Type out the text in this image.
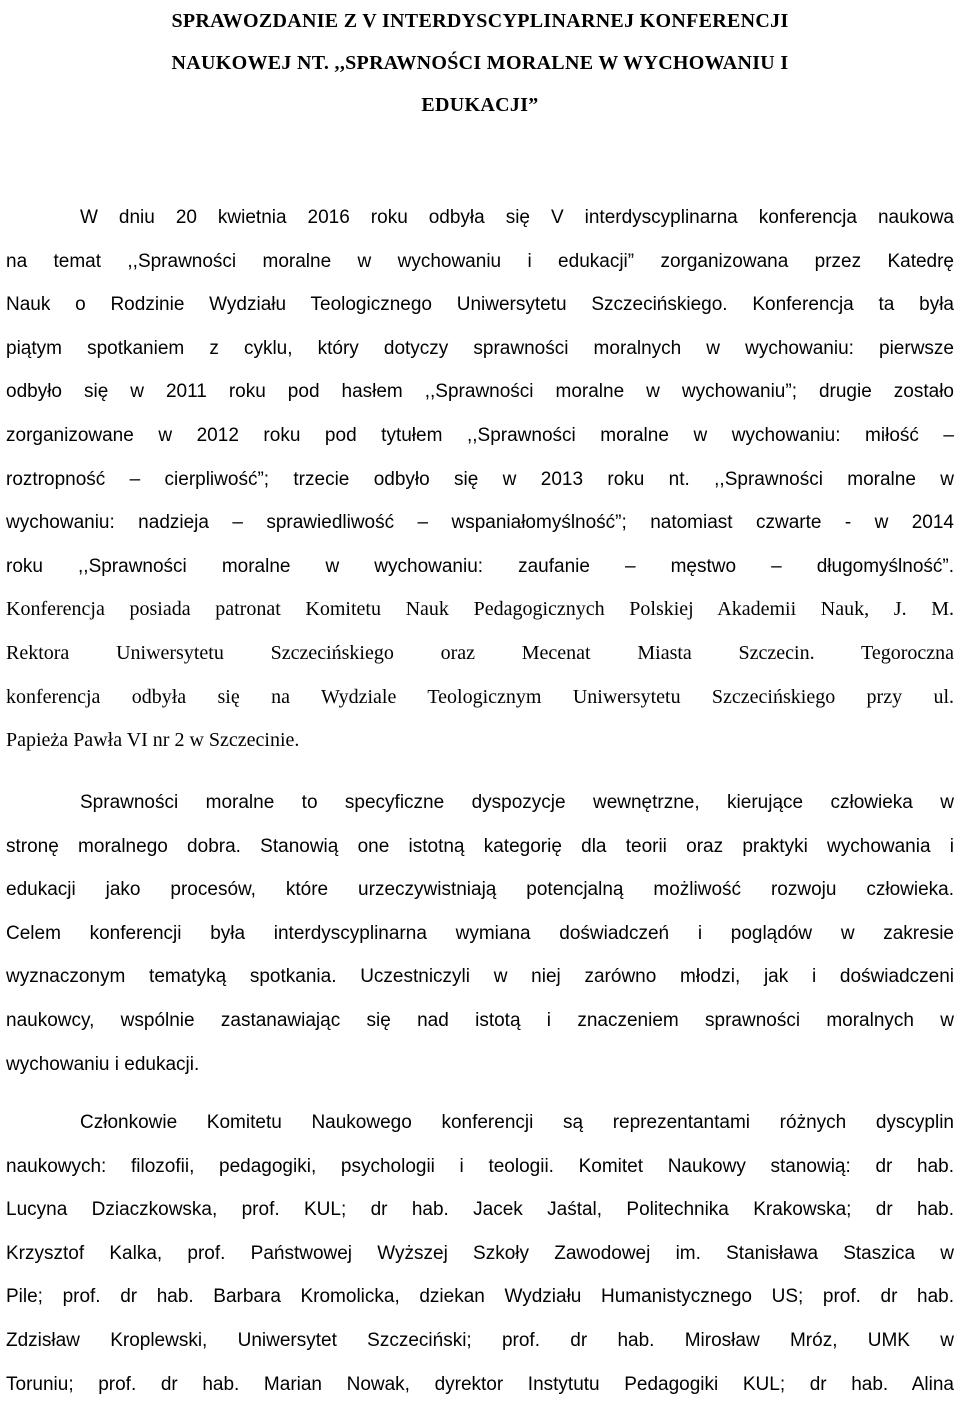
SPRAWOZDANIE Z V INTERDYSCYPLINARNEJ KONFERENCJI
NAUKOWEJ NT. ,,SPRAWNOŚCI MORALNE W WYCHOWANIU I
EDUKACJI”
W dniu 20 kwietnia 2016 roku odbyła się V interdyscyplinarna konferencja naukowa
na temat ,,Sprawności moralne w wychowaniu i edukacji” zorganizowana przez Katedrę
Nauk o Rodzinie Wydziału Teologicznego Uniwersytetu Szczecińskiego. Konferencja ta była
piątym spotkaniem z cyklu, który dotyczy sprawności moralnych w wychowaniu: pierwsze
odbyło się w 2011 roku pod hasłem ,,Sprawności moralne w wychowaniu”; drugie zostało
zorganizowane w 2012 roku pod tytułem ,,Sprawności moralne w wychowaniu: miłość –
roztropność – cierpliwość”; trzecie odbyło się w 2013 roku nt. ,,Sprawności moralne w
wychowaniu: nadzieja – sprawiedliwość – wspaniałomyślność”; natomiast czwarte - w 2014
roku ,,Sprawności moralne w wychowaniu: zaufanie – męstwo – długomyślność”.
Konferencja posiada patronat Komitetu Nauk Pedagogicznych Polskiej Akademii Nauk, J. M.
Rektora Uniwersytetu Szczecińskiego oraz Mecenat Miasta Szczecin. Tegoroczna
konferencja odbyła się na Wydziale Teologicznym Uniwersytetu Szczecińskiego przy ul.
Papieża Pawła VI nr 2 w Szczecinie.
Sprawności moralne to specyficzne dyspozycje wewnętrzne, kierujące człowieka w
stronę moralnego dobra. Stanowią one istotną kategorię dla teorii oraz praktyki wychowania i
edukacji jako procesów, które urzeczywistniają potencjalną możliwość rozwoju człowieka.
Celem konferencji była interdyscyplinarna wymiana doświadczeń i poglądów w zakresie
wyznaczonym tematyką spotkania. Uczestniczyli w niej zarówno młodzi, jak i doświadczeni
naukowcy, wspólnie zastanawiając się nad istotą i znaczeniem sprawności moralnych w
wychowaniu i edukacji.
Członkowie Komitetu Naukowego konferencji są reprezentantami różnych dyscyplin
naukowych: filozofii, pedagogiki, psychologii i teologii. Komitet Naukowy stanowią: dr hab.
Lucyna Dziaczkowska, prof. KUL; dr hab. Jacek Jaśtal, Politechnika Krakowska; dr hab.
Krzysztof Kalka, prof. Państwowej Wyższej Szkoły Zawodowej im. Stanisława Staszica w
Pile; prof. dr hab. Barbara Kromolicka, dziekan Wydziału Humanistycznego US; prof. dr hab.
Zdzisław Kroplewski, Uniwersytet Szczeciński; prof. dr hab. Mirosław Mróz, UMK w
Toruniu; prof. dr hab. Marian Nowak, dyrektor Instytutu Pedagogiki KUL; dr hab. Alina
